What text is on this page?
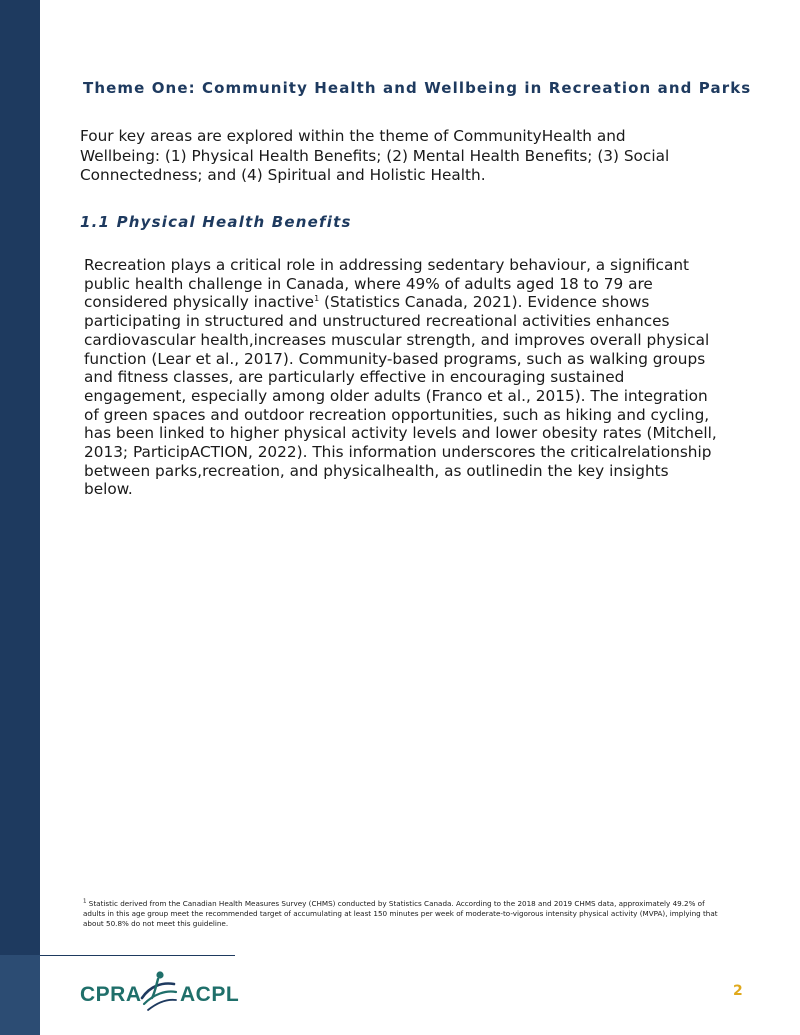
Theme One: Community Health and Wellbeing in Recreation and Parks
Four key areas are explored within the theme of CommunityHealth and Wellbeing: (1) Physical Health Benefits; (2) Mental Health Benefits; (3) Social Connectedness; and (4) Spiritual and Holistic Health.
1.1 Physical Health Benefits
Recreation plays a critical role in addressing sedentary behaviour, a significant public health challenge in Canada, where 49% of adults aged 18 to 79 are considered physically inactive$^1$ (Statistics Canada, 2021). Evidence shows participating in structured and unstructured recreational activities enhances cardiovascular health,increases muscular strength, and improves overall physical function (Lear et al., 2017). Community-based programs, such as walking groups and fitness classes, are particularly effective in encouraging sustained engagement, especially among older adults (Franco et al., 2015). The integration of green spaces and outdoor recreation opportunities, such as hiking and cycling, has been linked to higher physical activity levels and lower obesity rates (Mitchell, 2013; ParticipACTION, 2022). This information underscores the criticalrelationship between parks,recreation, and physicalhealth, as outlinedin the key insights below.
$^1$ Statistic derived from the Canadian Health Measures Survey (CHMS) conducted by Statistics Canada. According to the 2018 and 2019 CHMS data, approximately 49.2% of adults in this age group meet the recommended target of accumulating at least 150 minutes per week of moderate-to-vigorous intensity physical activity (MVPA), implying that about 50.8% do not meet this guideline.
CPRA ACPL	2
